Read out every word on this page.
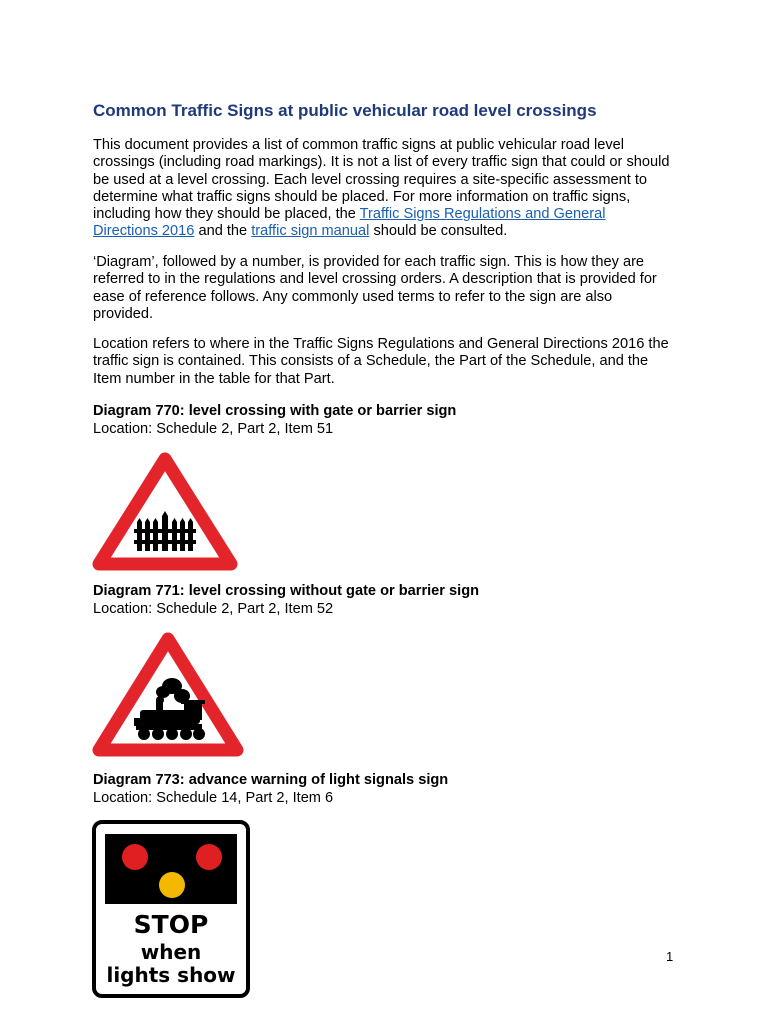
Common Traffic Signs at public vehicular road level crossings
This document provides a list of common traffic signs at public vehicular road level crossings (including road markings). It is not a list of every traffic sign that could or should be used at a level crossing. Each level crossing requires a site-specific assessment to determine what traffic signs should be placed. For more information on traffic signs, including how they should be placed, the Traffic Signs Regulations and General Directions 2016 and the traffic sign manual should be consulted.
‘Diagram’, followed by a number, is provided for each traffic sign. This is how they are referred to in the regulations and level crossing orders. A description that is provided for ease of reference follows. Any commonly used terms to refer to the sign are also provided.
Location refers to where in the Traffic Signs Regulations and General Directions 2016 the traffic sign is contained. This consists of a Schedule, the Part of the Schedule, and the Item number in the table for that Part.
Diagram 770: level crossing with gate or barrier sign
Location: Schedule 2, Part 2, Item 51
Diagram 771: level crossing without gate or barrier sign
Location: Schedule 2, Part 2, Item 52
Diagram 773: advance warning of light signals sign
Location: Schedule 14, Part 2, Item 6
STOP
when
lights show
1
